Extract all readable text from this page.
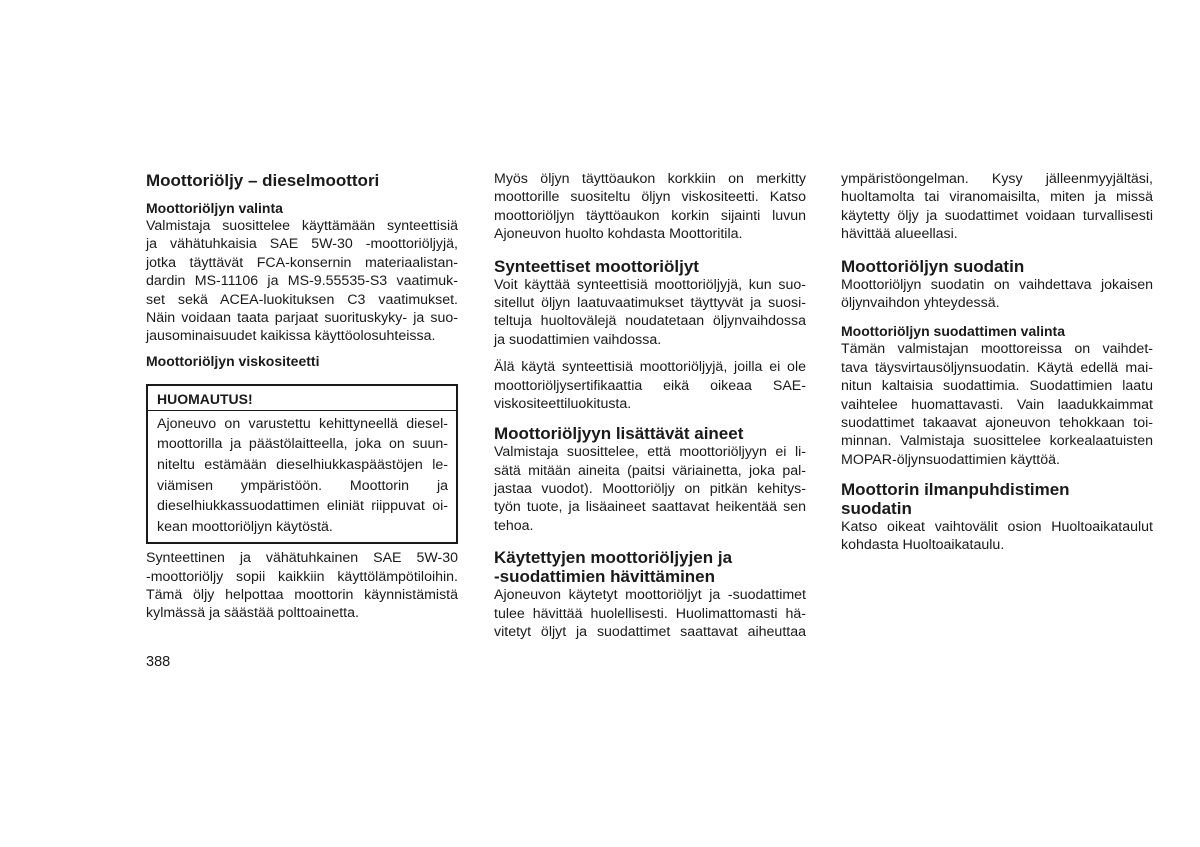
Moottoriöljy – dieselmoottori
Moottoriöljyn valinta
Valmistaja suosittelee käyttämään synteettisiä
ja vähätuhkaisia SAE 5W-30 -moottoriöljyjä,
jotka täyttävät FCA-konsernin materiaalistan-
dardin MS-11106 ja MS-9.55535-S3 vaatimuk-
set sekä ACEA-luokituksen C3 vaatimukset.
Näin voidaan taata parjaat suorituskyky- ja suo-
jausominaisuudet kaikissa käyttöolosuhteissa.
Moottoriöljyn viskositeetti
HUOMAUTUS!
Ajoneuvo on varustettu kehittyneellä diesel-
moottorilla ja päästölaitteella, joka on suun-
niteltu estämään dieselhiukkaspäästöjen le-
viämisen ympäristöön. Moottorin ja
dieselhiukkassuodattimen eliniät riippuvat oi-
kean moottoriöljyn käytöstä.
Synteettinen ja vähätuhkainen SAE 5W-30
-moottoriöljy sopii kaikkiin käyttölämpötiloihin.
Tämä öljy helpottaa moottorin käynnistämistä
kylmässä ja säästää polttoainetta.
Myös öljyn täyttöaukon korkkiin on merkitty
moottorille suositeltu öljyn viskositeetti. Katso
moottoriöljyn täyttöaukon korkin sijainti luvun
Ajoneuvon huolto kohdasta Moottoritila.
Synteettiset moottoriöljyt
Voit käyttää synteettisiä moottoriöljyjä, kun suo-
sitellut öljyn laatuvaatimukset täyttyvät ja suosi-
teltuja huoltovälejä noudatetaan öljynvaihdossa
ja suodattimien vaihdossa.
Älä käytä synteettisiä moottoriöljyjä, joilla ei ole
moottoriöljysertifikaattia eikä oikeaa SAE-
viskositeettiluokitusta.
Moottoriöljyyn lisättävät aineet
Valmistaja suosittelee, että moottoriöljyyn ei li-
sätä mitään aineita (paitsi väriainetta, joka pal-
jastaa vuodot). Moottoriöljy on pitkän kehitys-
työn tuote, ja lisäaineet saattavat heikentää sen
tehoa.
Käytettyjen moottoriöljyjen ja
-suodattimien hävittäminen
Ajoneuvon käytetyt moottoriöljyt ja -suodattimet
tulee hävittää huolellisesti. Huolimattomasti hä-
vitetyt öljyt ja suodattimet saattavat aiheuttaa
ympäristöongelman. Kysy jälleenmyyjältäsi,
huoltamolta tai viranomaisilta, miten ja missä
käytetty öljy ja suodattimet voidaan turvallisesti
hävittää alueellasi.
Moottoriöljyn suodatin
Moottoriöljyn suodatin on vaihdettava jokaisen
öljynvaihdon yhteydessä.
Moottoriöljyn suodattimen valinta
Tämän valmistajan moottoreissa on vaihdet-
tava täysvirtausöljynsuodatin. Käytä edellä mai-
nitun kaltaisia suodattimia. Suodattimien laatu
vaihtelee huomattavasti. Vain laadukkaimmat
suodattimet takaavat ajoneuvon tehokkaan toi-
minnan. Valmistaja suosittelee korkealaatuisten
MOPAR-öljynsuodattimien käyttöä.
Moottorin ilmanpuhdistimen
suodatin
Katso oikeat vaihtovälit osion Huoltoaikataulut
kohdasta Huoltoaikataulu.
388
